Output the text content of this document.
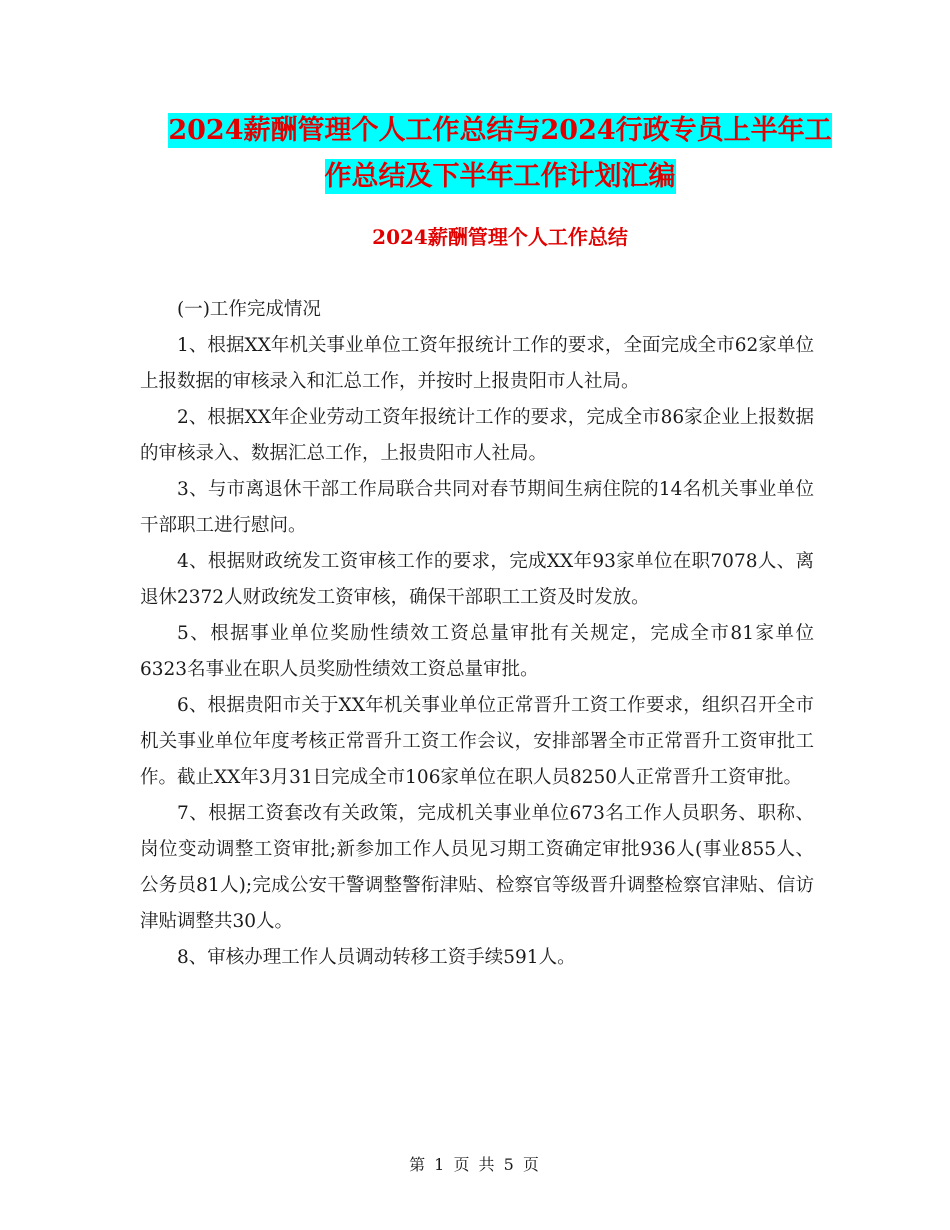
2024薪酬管理个人工作总结与2024行政专员上半年工
作总结及下半年工作计划汇编
2024薪酬管理个人工作总结

(一)工作完成情况

1、根据XX年机关事业单位工资年报统计工作的要求，全面完成全市62家单位上报数据的审核录入和汇总工作，并按时上报贵阳市人社局。

2、根据XX年企业劳动工资年报统计工作的要求，完成全市86家企业上报数据的审核录入、数据汇总工作，上报贵阳市人社局。

3、与市离退休干部工作局联合共同对春节期间生病住院的14名机关事业单位干部职工进行慰问。

4、根据财政统发工资审核工作的要求，完成XX年93家单位在职7078人、离退休2372人财政统发工资审核，确保干部职工工资及时发放。

5、根据事业单位奖励性绩效工资总量审批有关规定，完成全市81家单位6323名事业在职人员奖励性绩效工资总量审批。

6、根据贵阳市关于XX年机关事业单位正常晋升工资工作要求，组织召开全市机关事业单位年度考核正常晋升工资工作会议，安排部署全市正常晋升工资审批工作。截止XX年3月31日完成全市106家单位在职人员8250人正常晋升工资审批。

7、根据工资套改有关政策，完成机关事业单位673名工作人员职务、职称、岗位变动调整工资审批;新参加工作人员见习期工资确定审批936人(事业855人、公务员81人);完成公安干警调整警衔津贴、检察官等级晋升调整检察官津贴、信访津贴调整共30人。

8、审核办理工作人员调动转移工资手续591人。

第 1 页 共 5 页
